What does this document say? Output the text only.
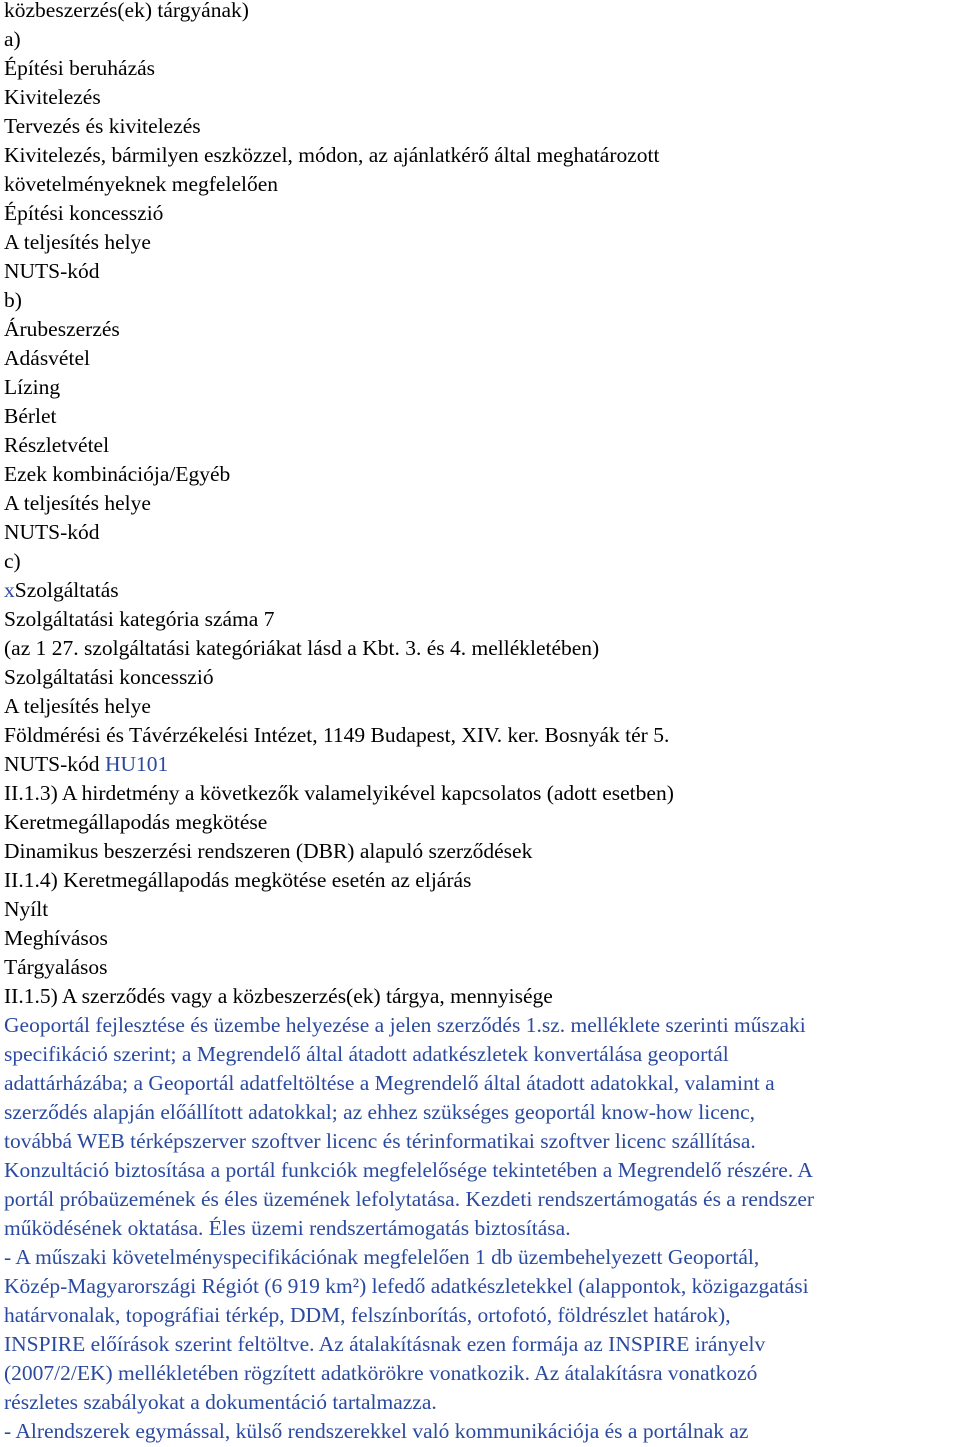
közbeszerzés(ek) tárgyának)
a)
Építési beruházás
Kivitelezés
Tervezés és kivitelezés
Kivitelezés, bármilyen eszközzel, módon, az ajánlatkérő által meghatározott
követelményeknek megfelelően
Építési koncesszió
A teljesítés helye
NUTS-kód
b)
Árubeszerzés
Adásvétel
Lízing
Bérlet
Részletvétel
Ezek kombinációja/Egyéb
A teljesítés helye
NUTS-kód
c)
xSzolgáltatás
Szolgáltatási kategória száma 7
(az 1 27. szolgáltatási kategóriákat lásd a Kbt. 3. és 4. mellékletében)
Szolgáltatási koncesszió
A teljesítés helye
Földmérési és Távérzékelési Intézet, 1149 Budapest, XIV. ker. Bosnyák tér 5.
NUTS-kód HU101
II.1.3) A hirdetmény a következők valamelyikével kapcsolatos (adott esetben)
Keretmegállapodás megkötése
Dinamikus beszerzési rendszeren (DBR) alapuló szerződések
II.1.4) Keretmegállapodás megkötése esetén az eljárás
Nyílt
Meghívásos
Tárgyalásos
II.1.5) A szerződés vagy a közbeszerzés(ek) tárgya, mennyisége
Geoportál fejlesztése és üzembe helyezése a jelen szerződés 1.sz. melléklete szerinti műszaki
specifikáció szerint; a Megrendelő által átadott adatkészletek konvertálása geoportál
adattárházába; a Geoportál adatfeltöltése a Megrendelő által átadott adatokkal, valamint a
szerződés alapján előállított adatokkal; az ehhez szükséges geoportál know-how licenc,
továbbá WEB térképszerver szoftver licenc és térinformatikai szoftver licenc szállítása.
Konzultáció biztosítása a portál funkciók megfelelősége tekintetében a Megrendelő részére. A
portál próbaüzemének és éles üzemének lefolytatása. Kezdeti rendszertámogatás és a rendszer
működésének oktatása. Éles üzemi rendszertámogatás biztosítása.
- A műszaki követelményspecifikációnak megfelelően 1 db üzembehelyezett Geoportál,
Közép-Magyarországi Régiót (6 919 km²) lefedő adatkészletekkel (alappontok, közigazgatási
határvonalak, topográfiai térkép, DDM, felszínborítás, ortofotó, földrészlet határok),
INSPIRE előírások szerint feltöltve. Az átalakításnak ezen formája az INSPIRE irányelv
(2007/2/EK) mellékletében rögzített adatkörökre vonatkozik. Az átalakításra vonatkozó
részletes szabályokat a dokumentáció tartalmazza.
- Alrendszerek egymással, külső rendszerekkel való kommunikációja és a portálnak az
